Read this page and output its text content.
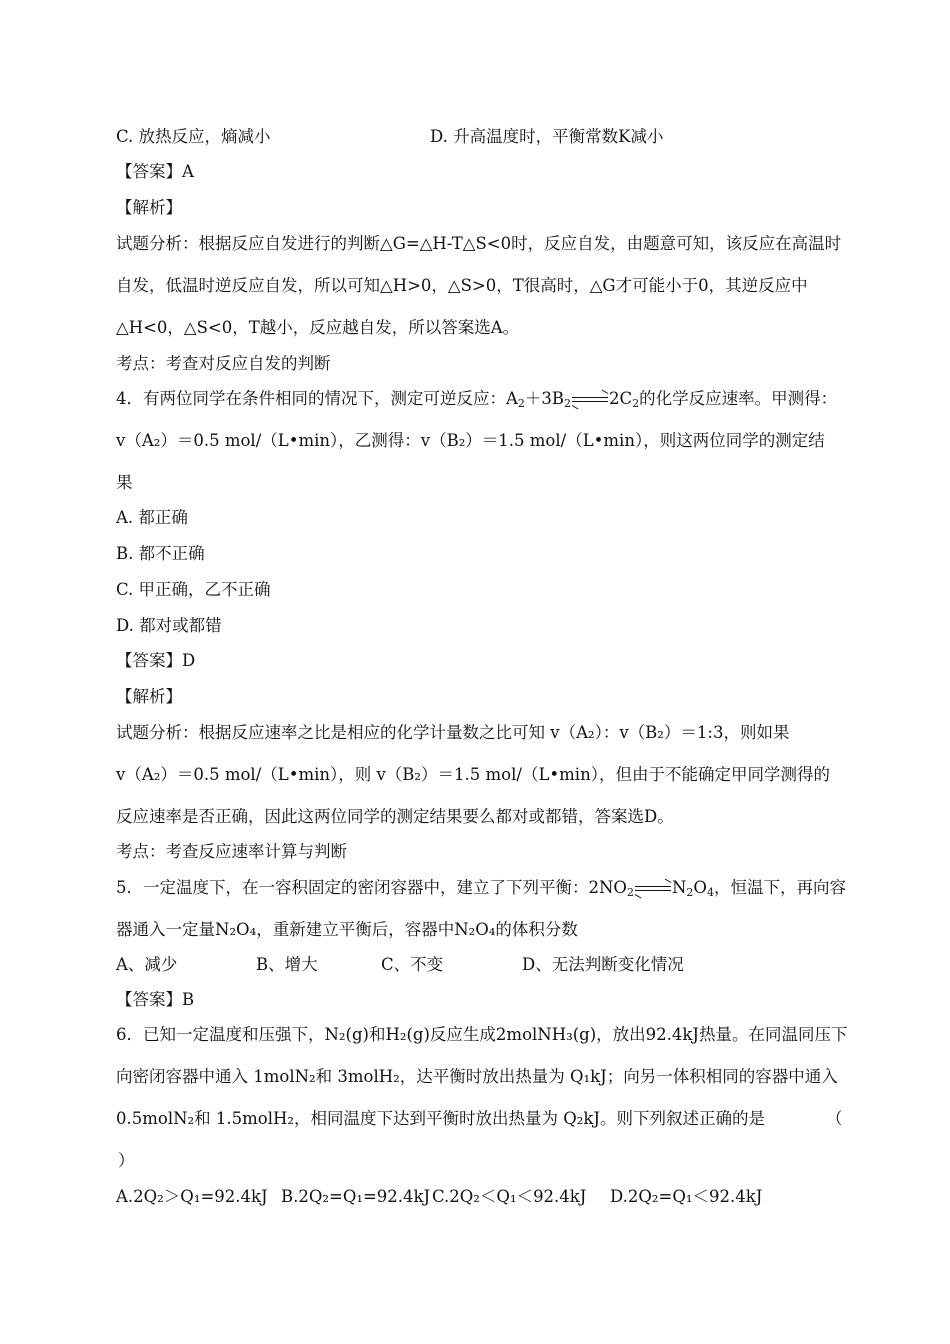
C. 放热反应，熵减小	D. 升高温度时，平衡常数K减小
【答案】A
【解析】
试题分析：根据反应自发进行的判断△G=△H-T△S<0时，反应自发，由题意可知，该反应在高温时
自发，低温时逆反应自发，所以可知△H>0，△S>0，T很高时，△G才可能小于0，其逆反应中
△H<0，△S<0，T越小，反应越自发，所以答案选A。
考点：考查对反应自发的判断
4．有两位同学在条件相同的情况下，测定可逆反应：$A_2+3B_2$ $2C_2$的化学反应速率。甲测得：
v（A₂）＝0.5 mol/（L•min），乙测得：v（B₂）＝1.5 mol/（L•min），则这两位同学的测定结
果
A. 都正确
B. 都不正确
C. 甲正确，乙不正确
D. 都对或都错
【答案】D
【解析】
试题分析：根据反应速率之比是相应的化学计量数之比可知 v（A₂）：v（B₂）＝1:3，则如果
v（A₂）＝0.5 mol/（L•min），则 v（B₂）＝1.5 mol/（L•min），但由于不能确定甲同学测得的
反应速率是否正确，因此这两位同学的测定结果要么都对或都错，答案选D。
考点：考查反应速率计算与判断
5．一定温度下，在一容积固定的密闭容器中，建立了下列平衡：$2NO_2$ $N_2O_4$，恒温下，再向容
器通入一定量N₂O₄，重新建立平衡后，容器中N₂O₄的体积分数
A、减少	B、增大	C、不变	D、无法判断变化情况
【答案】B
6．已知一定温度和压强下，N₂(g)和H₂(g)反应生成2molNH₃(g)，放出92.4kJ热量。在同温同压下
向密闭容器中通入 1molN₂和 3molH₂，达平衡时放出热量为 Q₁kJ；向另一体积相同的容器中通入
0.5molN₂和 1.5molH₂，相同温度下达到平衡时放出热量为 Q₂kJ。则下列叙述正确的是	（
）
A.2Q₂＞Q₁=92.4kJ B.2Q₂=Q₁=92.4kJ C.2Q₂＜Q₁＜92.4kJ D.2Q₂=Q₁＜92.4kJ
